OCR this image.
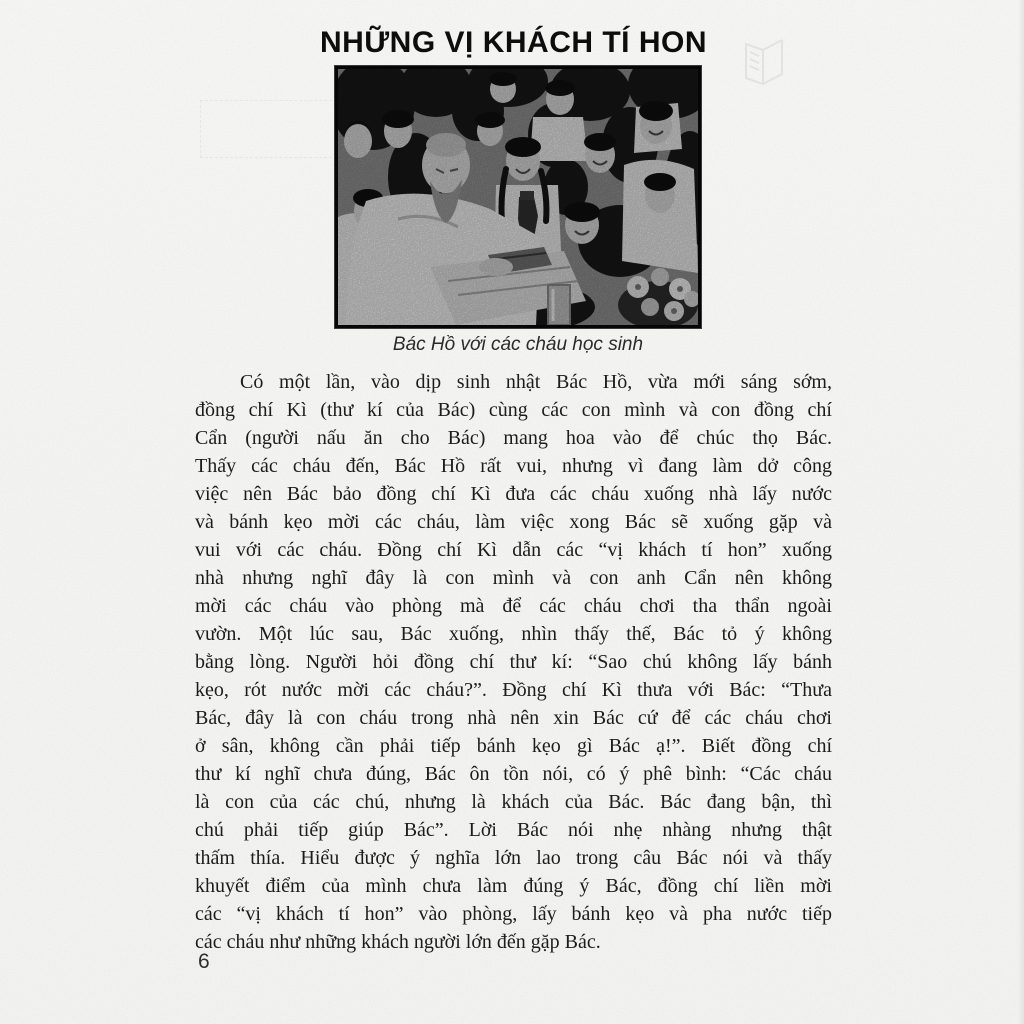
NHỮNG VỊ KHÁCH TÍ HON
Bác Hồ với các cháu học sinh
Có một lần, vào dịp sinh nhật Bác Hồ, vừa mới sáng sớm,
đồng chí Kì (thư kí của Bác) cùng các con mình và con đồng chí
Cẩn (người nấu ăn cho Bác) mang hoa vào để chúc thọ Bác.
Thấy các cháu đến, Bác Hồ rất vui, nhưng vì đang làm dở công
việc nên Bác bảo đồng chí Kì đưa các cháu xuống nhà lấy nước
và bánh kẹo mời các cháu, làm việc xong Bác sẽ xuống gặp và
vui với các cháu. Đồng chí Kì dẫn các “vị khách tí hon” xuống
nhà nhưng nghĩ đây là con mình và con anh Cẩn nên không
mời các cháu vào phòng mà để các cháu chơi tha thẩn ngoài
vườn. Một lúc sau, Bác xuống, nhìn thấy thế, Bác tỏ ý không
bằng lòng. Người hỏi đồng chí thư kí: “Sao chú không lấy bánh
kẹo, rót nước mời các cháu?”. Đồng chí Kì thưa với Bác: “Thưa
Bác, đây là con cháu trong nhà nên xin Bác cứ để các cháu chơi
ở sân, không cần phải tiếp bánh kẹo gì Bác ạ!”. Biết đồng chí
thư kí nghĩ chưa đúng, Bác ôn tồn nói, có ý phê bình: “Các cháu
là con của các chú, nhưng là khách của Bác. Bác đang bận, thì
chú phải tiếp giúp Bác”. Lời Bác nói nhẹ nhàng nhưng thật
thấm thía. Hiểu được ý nghĩa lớn lao trong câu Bác nói và thấy
khuyết điểm của mình chưa làm đúng ý Bác, đồng chí liền mời
các “vị khách tí hon” vào phòng, lấy bánh kẹo và pha nước tiếp
các cháu như những khách người lớn đến gặp Bác.
6
